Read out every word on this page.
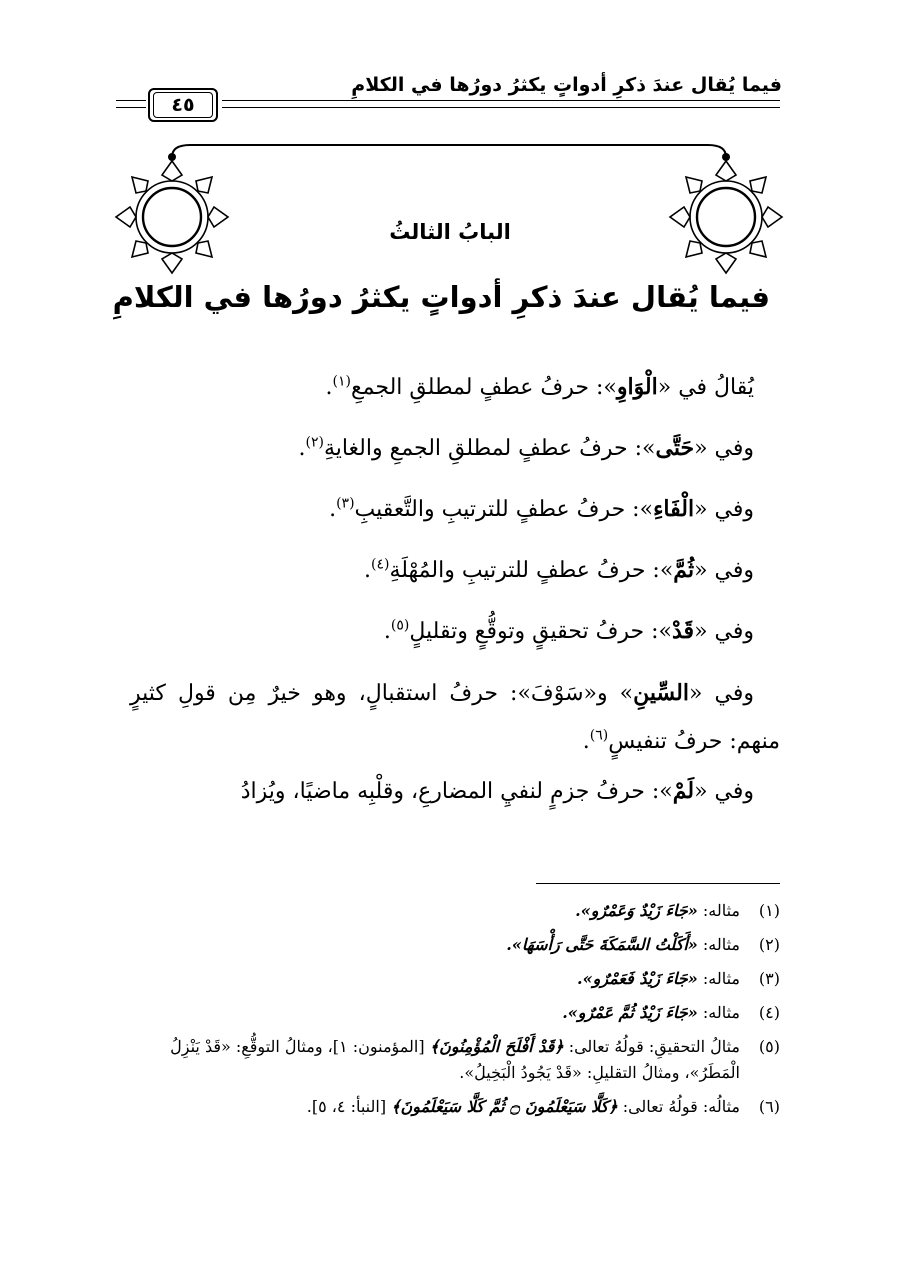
فيما يُقال عندَ ذكرِ أدواتٍ يكثرُ دورُها في الكلامِ
٤٥
البابُ الثالثُ
فيما يُقال عندَ ذكرِ أدواتٍ يكثرُ دورُها في الكلامِ

يُقالُ في «الْوَاوِ»: حرفُ عطفٍ لمطلقِ الجمعِ$^{(١)}$.

وفي «حَتَّى»: حرفُ عطفٍ لمطلقِ الجمعِ والغايةِ$^{(٢)}$.

وفي «الْفَاءِ»: حرفُ عطفٍ للترتيبِ والتَّعقيبِ$^{(٣)}$.

وفي «ثُمَّ»: حرفُ عطفٍ للترتيبِ والمُهْلَةِ$^{(٤)}$.

وفي «قَدْ»: حرفُ تحقيقٍ وتوقُّعٍ وتقليلٍ$^{(٥)}$.

وفي «السِّينِ» و«سَوْفَ»: حرفُ استقبالٍ، وهو خيرٌ مِن قولِ كثيرٍ منهم: حرفُ تنفيسٍ$^{(٦)}$.

وفي «لَمْ»: حرفُ جزمٍ لنفيِ المضارعِ، وقلْبِه ماضيًا، ويُزادُ

(١)
مثاله: «جَاءَ زَيْدٌ وَعَمْرٌو».
(٢)
مثاله: «أَكَلْتُ السَّمَكَةَ حَتَّى رَأْسَهَا».
(٣)
مثاله: «جَاءَ زَيْدٌ فَعَمْرٌو».
(٤)
مثاله: «جَاءَ زَيْدٌ ثُمَّ عَمْرٌو».
(٥)
مثالُ التحقيقِ: قولُهُ تعالى: ﴿قَدْ أَفْلَحَ الْمُؤْمِنُونَ﴾ [المؤمنون: ١]، ومثالُ التوقُّعِ: «قَدْ يَنْزِلُ الْمَطَرُ»، ومثالُ التقليلِ: «قَدْ يَجُودُ الْبَخِيلُ».
(٦)
مثالُه: قولُهُ تعالى: ﴿كَلَّا سَيَعْلَمُونَ ۝ ثُمَّ كَلَّا سَيَعْلَمُونَ﴾ [النبأ: ٤، ٥].
